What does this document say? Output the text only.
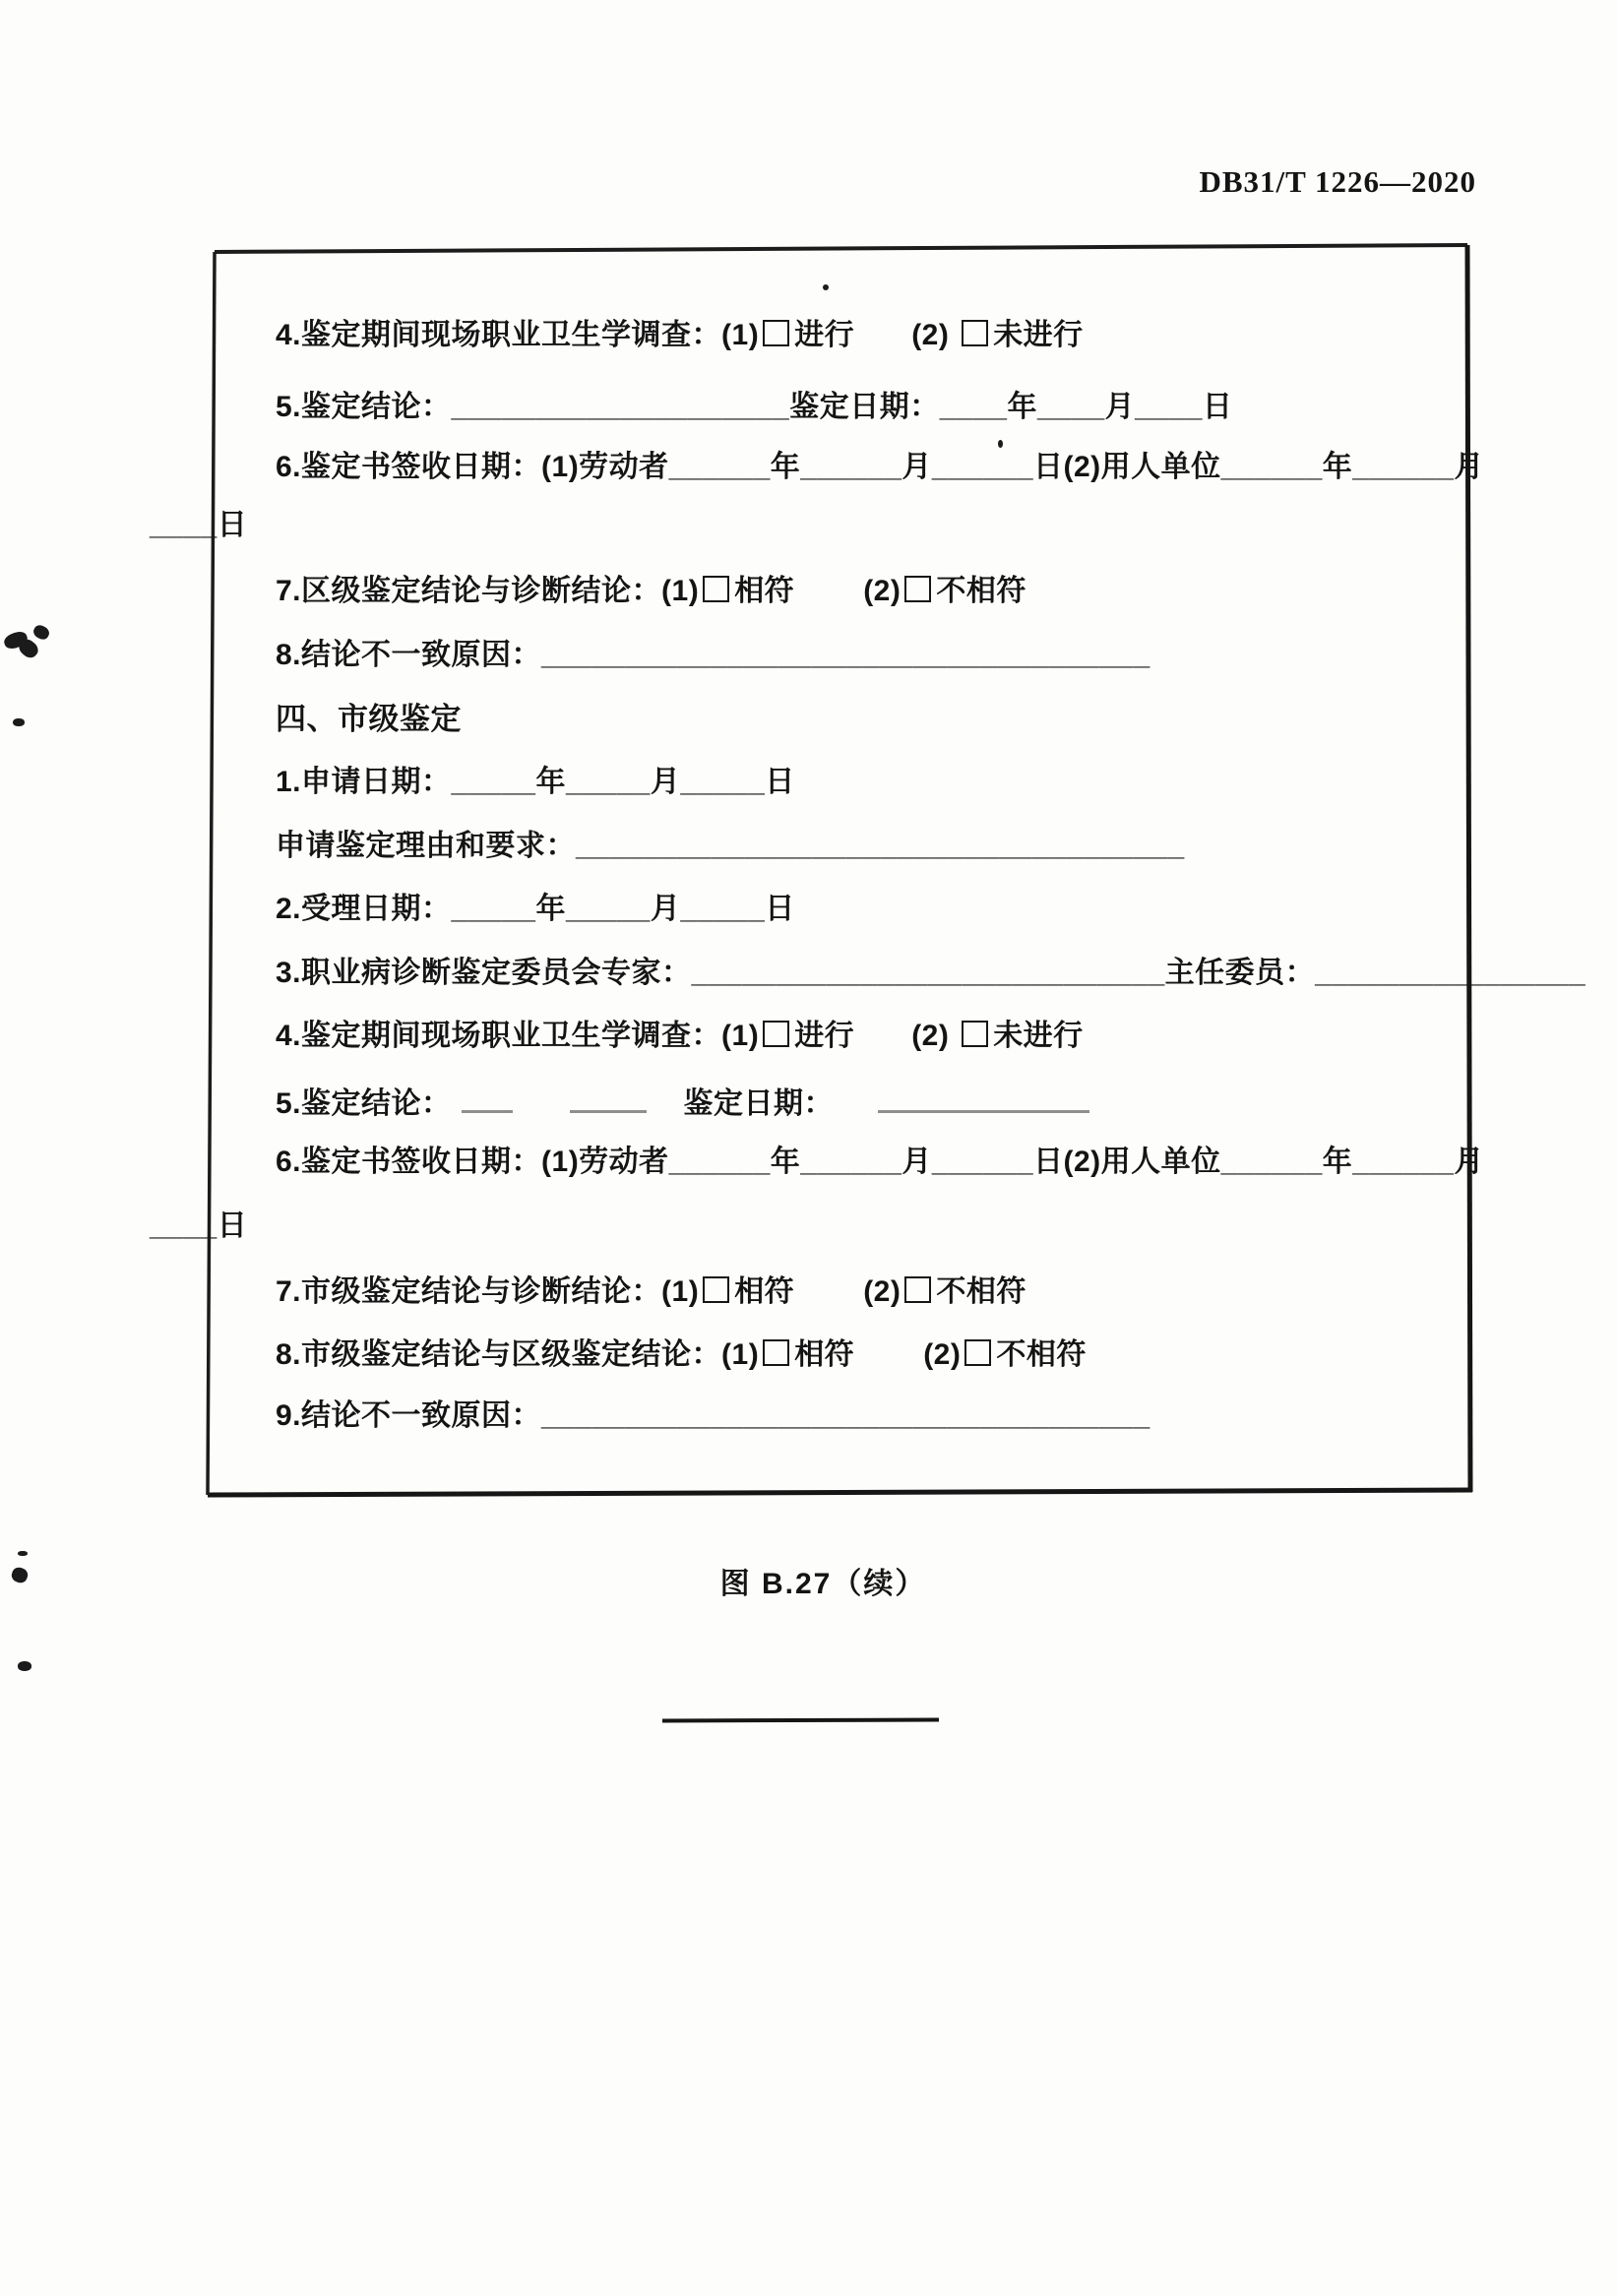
DB31/T 1226—2020
4.鉴定期间现场职业卫生学调查：(1) 进行 (2) 未进行
5.鉴定结论：____________________鉴定日期：____年____月____日
6.鉴定书签收日期：(1)劳动者______年______月______日(2)用人单位______年______月
____日
7.区级鉴定结论与诊断结论：(1) 相符 (2) 不相符
8.结论不一致原因：____________________________________
四、市级鉴定
1.申请日期：_____年_____月_____日
申请鉴定理由和要求：____________________________________
2.受理日期：_____年_____月_____日
3.职业病诊断鉴定委员会专家：____________________________主任委员：________________
4.鉴定期间现场职业卫生学调查：(1) 进行 (2) 未进行
5.鉴定结论：	鉴定日期：
6.鉴定书签收日期：(1)劳动者______年______月______日(2)用人单位______年______月
____日
7.市级鉴定结论与诊断结论：(1) 相符 (2) 不相符
8.市级鉴定结论与区级鉴定结论：(1) 相符 (2) 不相符
9.结论不一致原因：____________________________________
图 B.27（续）
